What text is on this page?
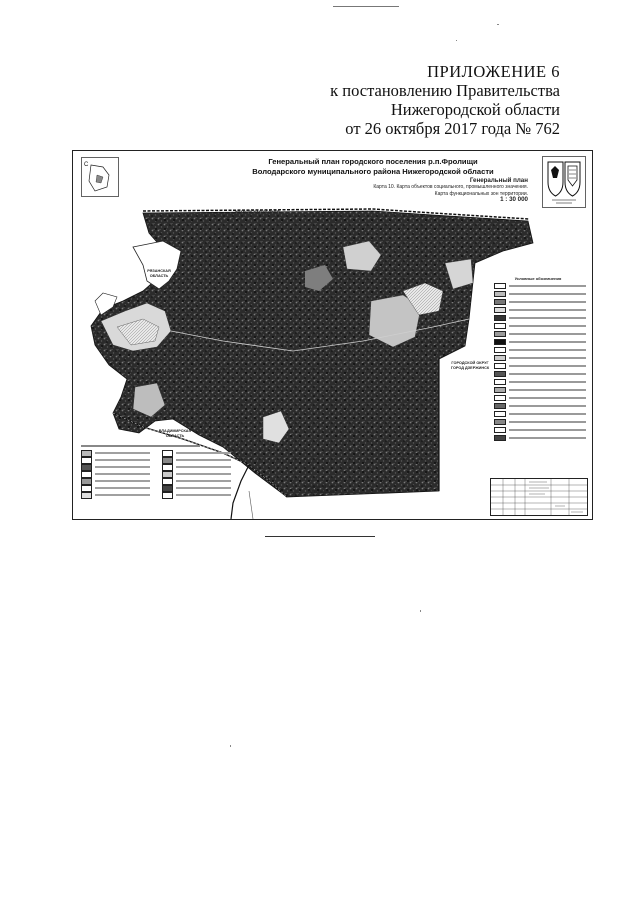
ПРИЛОЖЕНИЕ 6
к постановлению Правительства
Нижегородской области
от 26 октября 2017 года № 762
С	Генеральный план городского поселения р.п.Фролищи
Володарского муниципального района Нижегородской области
Генеральный план
Карта 10. Карта объектов социального, промышленного значения.
Карта функциональных зон территории.
1 : 30 000
ИВАНОВСКАЯ ОБЛАСТЬ
РЯЗАНСКАЯ ОБЛАСТЬ
ВЛАДИМИРСКАЯ ОБЛАСТЬ
ГОРОДСКОЙ ОКРУГ ГОРОД ДЗЕРЖИНСК
ГОРОДСКОЙ ОКРУГ ПЕТРОВСКИЙ
Условные обозначения
